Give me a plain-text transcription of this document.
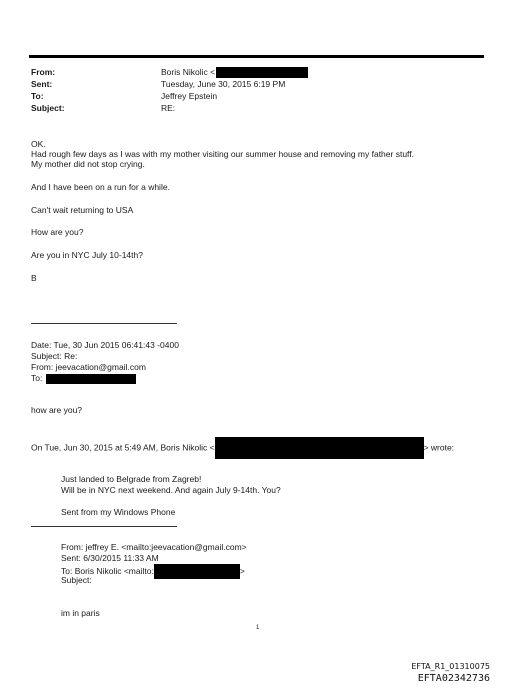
From:	Boris Nikolic <
Sent:	Tuesday, June 30, 2015 6:19 PM
To:	Jeffrey Epstein
Subject:	RE:
OK.
Had rough few days as I was with my mother visiting our summer house and removing my father stuff.
My mother did not stop crying.
And I have been on a run for a while.
Can't wait returning to USA
How are you?
Are you in NYC July 10-14th?
B
Date: Tue, 30 Jun 2015 06:41:43 -0400
Subject: Re:
From: jeevacation@gmail.com
To:
how are you?
On Tue, Jun 30, 2015 at 5:49 AM, Boris Nikolic <	> wrote:
Just landed to Belgrade from Zagreb!
Will be in NYC next weekend. And again July 9-14th. You?
Sent from my Windows Phone
From: jeffrey E. <mailto:jeevacation@gmail.com>
Sent: 6/30/2015 11:33 AM
To: Boris Nikolic <mailto:	>
Subject:
im in paris
1
EFTA_R1_01310075
EFTA02342736
